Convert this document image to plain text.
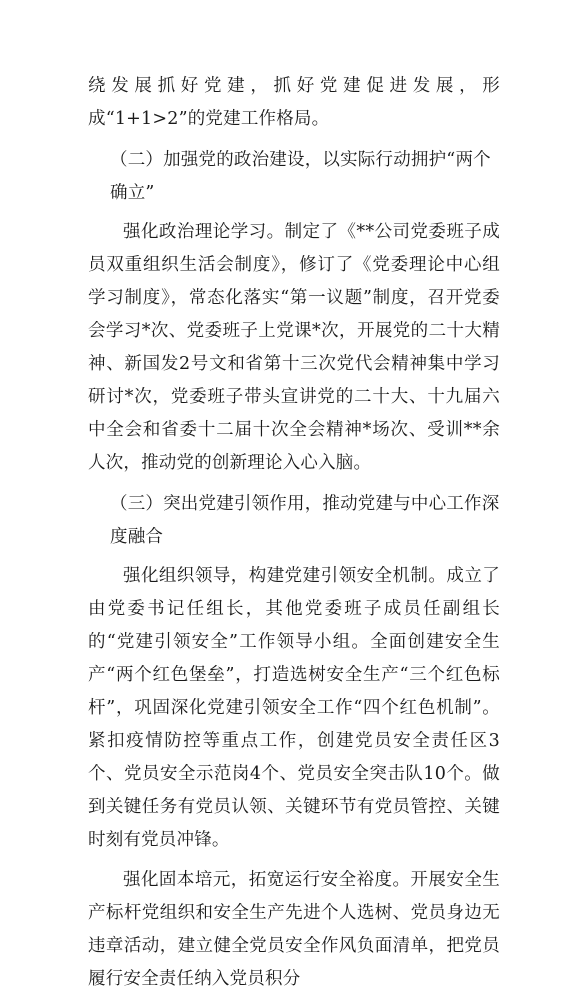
绕发展抓好党建，抓好党建促进发展，形成“1+1>2”的党建工作格局。

（二）加强党的政治建设，以实际行动拥护“两个确立”

强化政治理论学习。制定了《**公司党委班子成员双重组织生活会制度》，修订了《党委理论中心组学习制度》，常态化落实“第一议题”制度，召开党委会学习*次、党委班子上党课*次，开展党的二十大精神、新国发2号文和省第十三次党代会精神集中学习研讨*次，党委班子带头宣讲党的二十大、十九届六中全会和省委十二届十次全会精神*场次、受训**余人次，推动党的创新理论入心入脑。

（三）突出党建引领作用，推动党建与中心工作深度融合

强化组织领导，构建党建引领安全机制。成立了由党委书记任组长，其他党委班子成员任副组长的“党建引领安全”工作领导小组。全面创建安全生产“两个红色堡垒”，打造选树安全生产“三个红色标杆”，巩固深化党建引领安全工作“四个红色机制”。紧扣疫情防控等重点工作，创建党员安全责任区3个、党员安全示范岗4个、党员安全突击队10个。做到关键任务有党员认领、关键环节有党员管控、关键时刻有党员冲锋。

强化固本培元，拓宽运行安全裕度。开展安全生产标杆党组织和安全生产先进个人选树、党员身边无违章活动，建立健全党员安全作风负面清单，把党员履行安全责任纳入党员积分
